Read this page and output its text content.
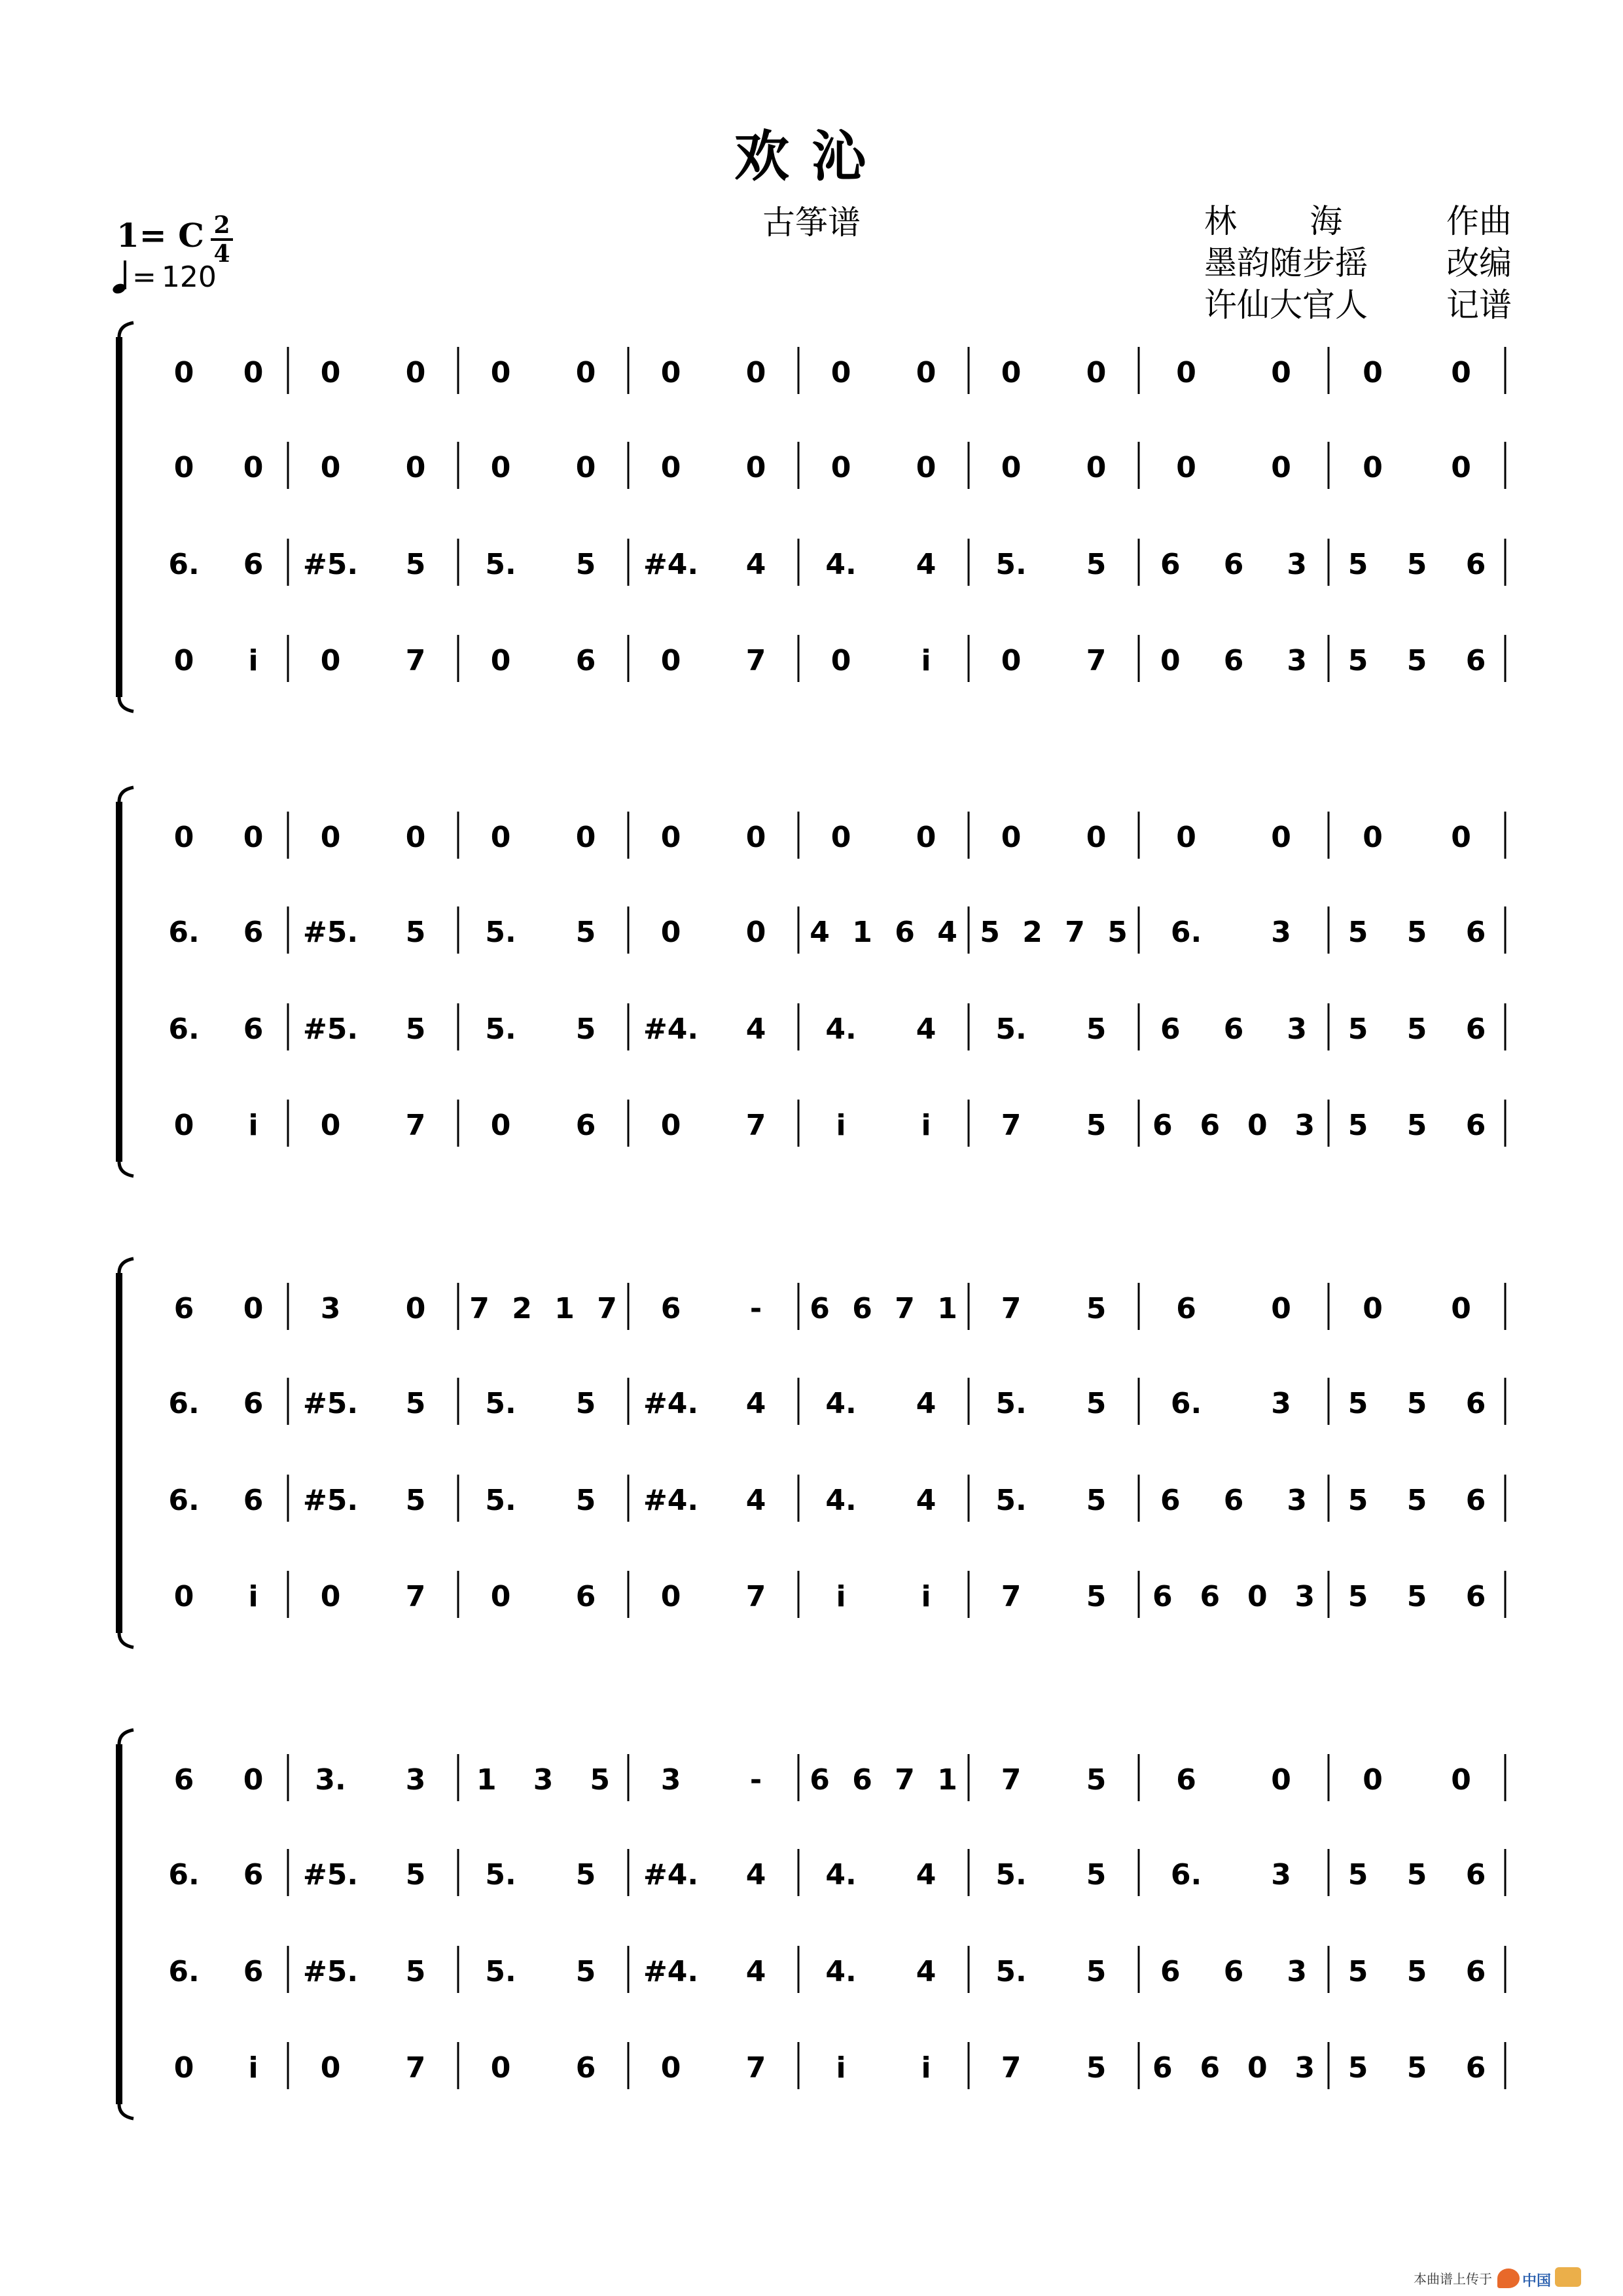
欢沁
古筝谱	林       海	作曲
墨韵随步摇 改编
许仙大官人 记谱
1= C 2
4
= 120
0 0 0 0 0 0 0 0 0 0 0 0 0	0 0 0
0 0 0 0 0 0 0 0 0 0 0 0 0	0 0 0
6. 6 #5. 5 5. 5 #4. 4 4. 4 5. 5 6 6 3 5 5 6
0 i 0 7 0 6 0 7 0 i 0 7 0 6 3 5 5 6
0 0 0 0 0 0 0 0 0 0 0 0 0	0 0 0
6. 6 #5. 5 5. 5 0 0 4 1 6 4 5 2 7 5 6. 3 5 5 6
6. 6 #5. 5 5. 5 #4. 4 4. 4 5. 5 6 6 3 5 5 6
0 i 0 7 0 6 0 7 i	i 7 5 6 6 0 3 5 5 6
6 0 3 0 7 2 1 7 6 - 6 6 7 1 7 5 6	0 0 0
6. 6 #5. 5 5. 5 #4. 4 4. 4 5. 5 6. 3 5 5 6
6. 6 #5. 5 5. 5 #4. 4 4. 4 5. 5 6 6 3 5 5 6
0 i 0 7 0 6 0 7 i	i 7 5 6 6 0 3 5 5 6
6 0 3. 3 1 3 5 3 - 6 6 7 1 7 5 6	0 0 0
6. 6 #5. 5 5. 5 #4. 4 4. 4 5. 5 6. 3 5 5 6
6. 6 #5. 5 5. 5 #4. 4 4. 4 5. 5 6 6 3 5 5 6
0 i 0 7 0 6 0 7 i	i 7 5 6 6 0 3 5 5 6
本曲谱上传于 中国
